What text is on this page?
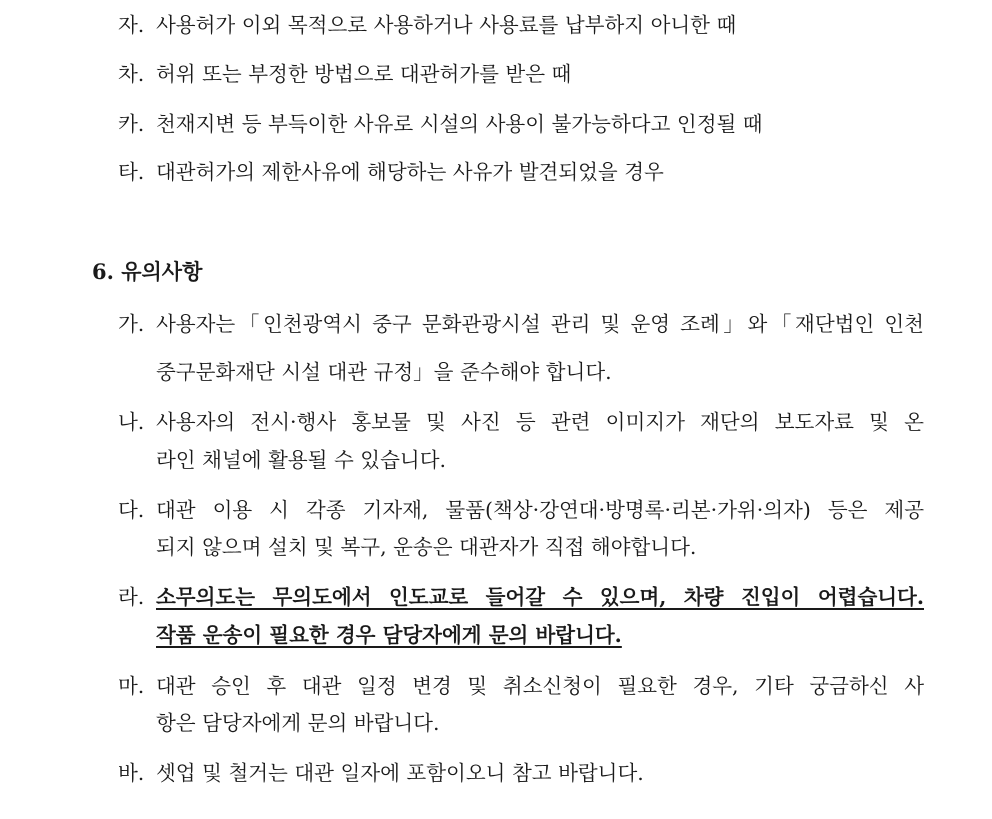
자. 사용허가 이외 목적으로 사용하거나 사용료를 납부하지 아니한 때
차. 허위 또는 부정한 방법으로 대관허가를 받은 때
카. 천재지변 등 부득이한 사유로 시설의 사용이 불가능하다고 인정될 때
타. 대관허가의 제한사유에 해당하는 사유가 발견되었을 경우
6. 유의사항
가. 사용자는「인천광역시 중구 문화관광시설 관리 및 운영 조례」와「재단법인 인천
중구문화재단 시설 대관 규정」을 준수해야 합니다.
나. 사용자의 전시·행사 홍보물 및 사진 등 관련 이미지가 재단의 보도자료 및 온
라인 채널에 활용될 수 있습니다.
다. 대관 이용 시 각종 기자재, 물품(책상·강연대·방명록·리본·가위·의자) 등은 제공
되지 않으며 설치 및 복구, 운송은 대관자가 직접 해야합니다.
라. 소무의도는 무의도에서 인도교로 들어갈 수 있으며, 차량 진입이 어렵습니다.
작품 운송이 필요한 경우 담당자에게 문의 바랍니다.
마. 대관 승인 후 대관 일정 변경 및 취소신청이 필요한 경우, 기타 궁금하신 사
항은 담당자에게 문의 바랍니다.
바. 셋업 및 철거는 대관 일자에 포함이오니 참고 바랍니다.
